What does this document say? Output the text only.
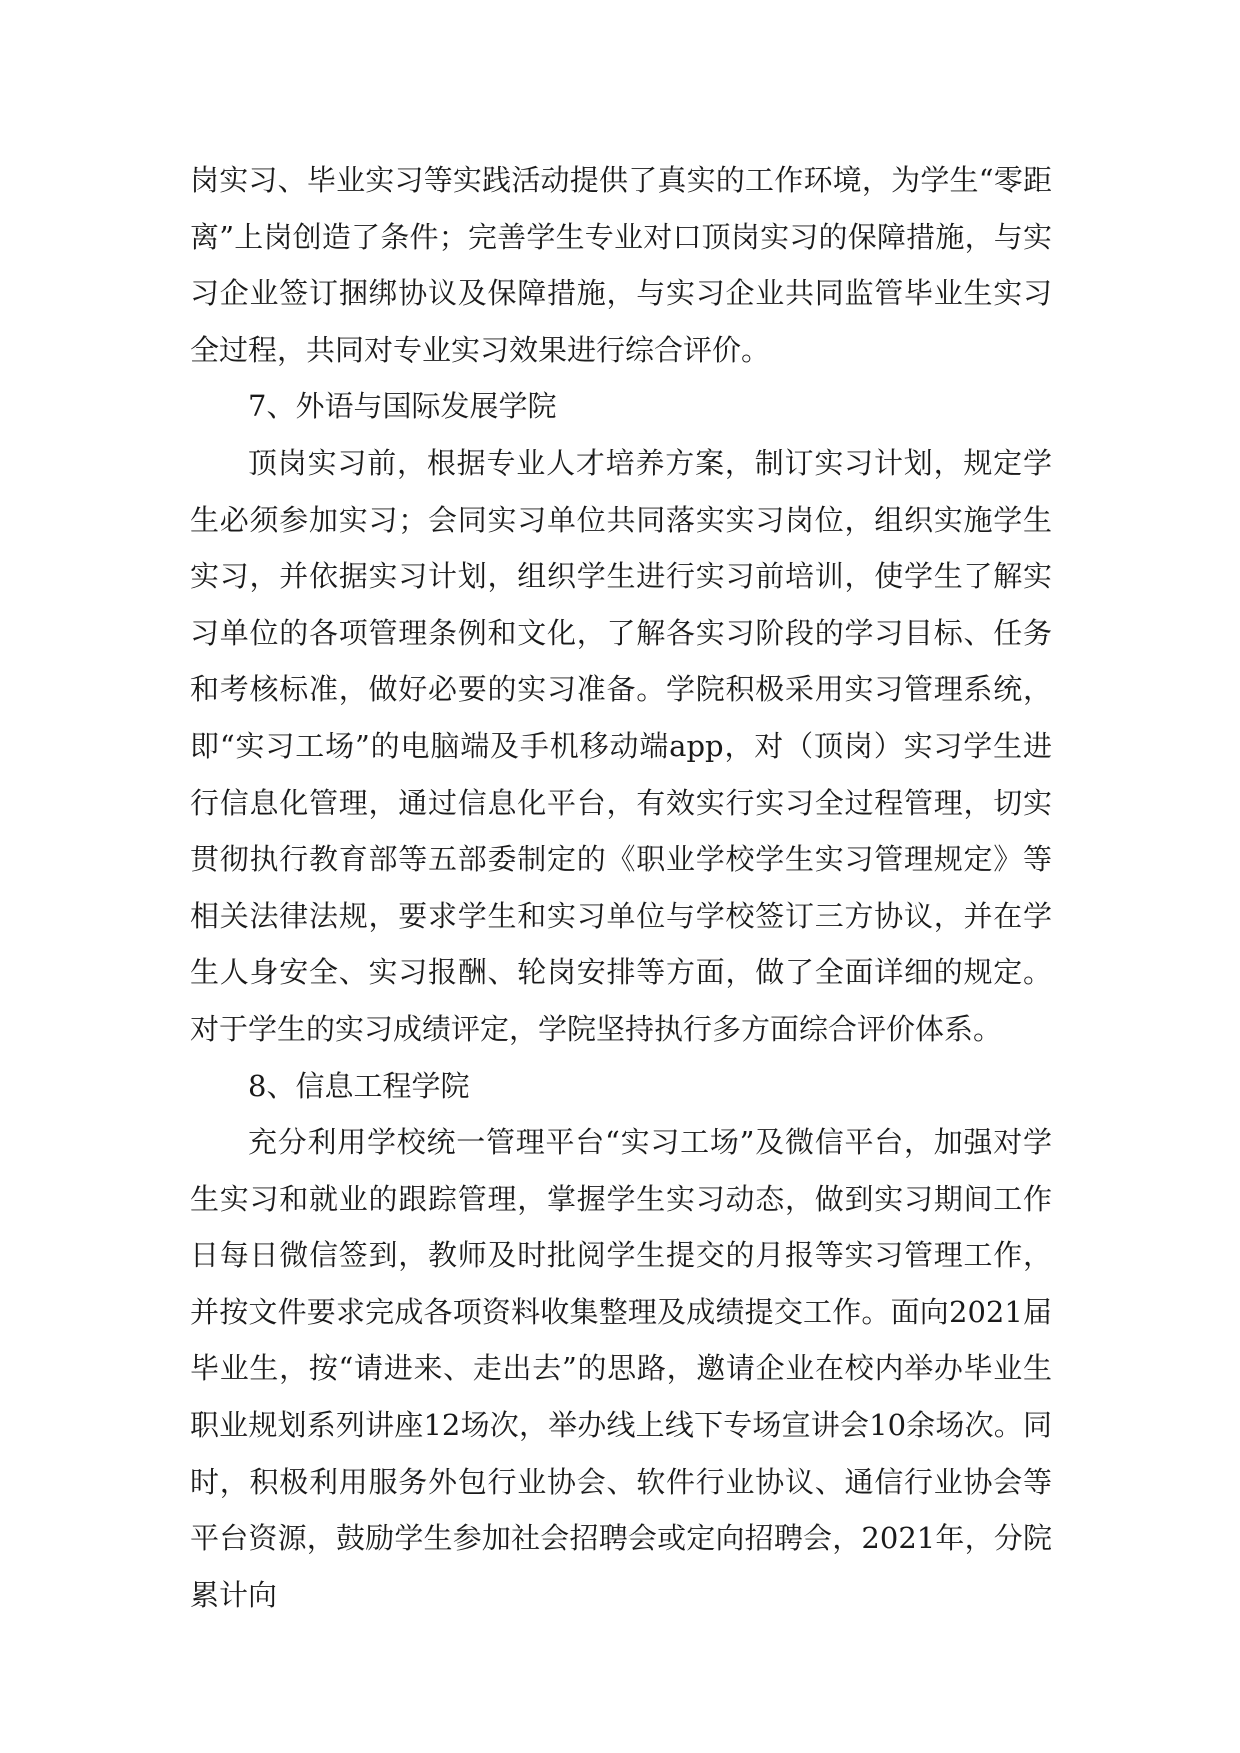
岗实习、毕业实习等实践活动提供了真实的工作环境，为学生“零距离”上岗创造了条件；完善学生专业对口顶岗实习的保障措施，与实习企业签订捆绑协议及保障措施，与实习企业共同监管毕业生实习全过程，共同对专业实习效果进行综合评价。

7、外语与国际发展学院

顶岗实习前，根据专业人才培养方案，制订实习计划，规定学生必须参加实习；会同实习单位共同落实实习岗位，组织实施学生实习，并依据实习计划，组织学生进行实习前培训，使学生了解实习单位的各项管理条例和文化，了解各实习阶段的学习目标、任务和考核标准，做好必要的实习准备。学院积极采用实习管理系统，即“实习工场”的电脑端及手机移动端app，对（顶岗）实习学生进行信息化管理，通过信息化平台，有效实行实习全过程管理，切实贯彻执行教育部等五部委制定的《职业学校学生实习管理规定》等相关法律法规，要求学生和实习单位与学校签订三方协议，并在学生人身安全、实习报酬、轮岗安排等方面，做了全面详细的规定。对于学生的实习成绩评定，学院坚持执行多方面综合评价体系。

8、信息工程学院

充分利用学校统一管理平台“实习工场”及微信平台，加强对学生实习和就业的跟踪管理，掌握学生实习动态，做到实习期间工作日每日微信签到，教师及时批阅学生提交的月报等实习管理工作，并按文件要求完成各项资料收集整理及成绩提交工作。面向2021届毕业生，按“请进来、走出去”的思路，邀请企业在校内举办毕业生职业规划系列讲座12场次，举办线上线下专场宣讲会10余场次。同时，积极利用服务外包行业协会、软件行业协议、通信行业协会等平台资源，鼓励学生参加社会招聘会或定向招聘会，2021年，分院累计向
